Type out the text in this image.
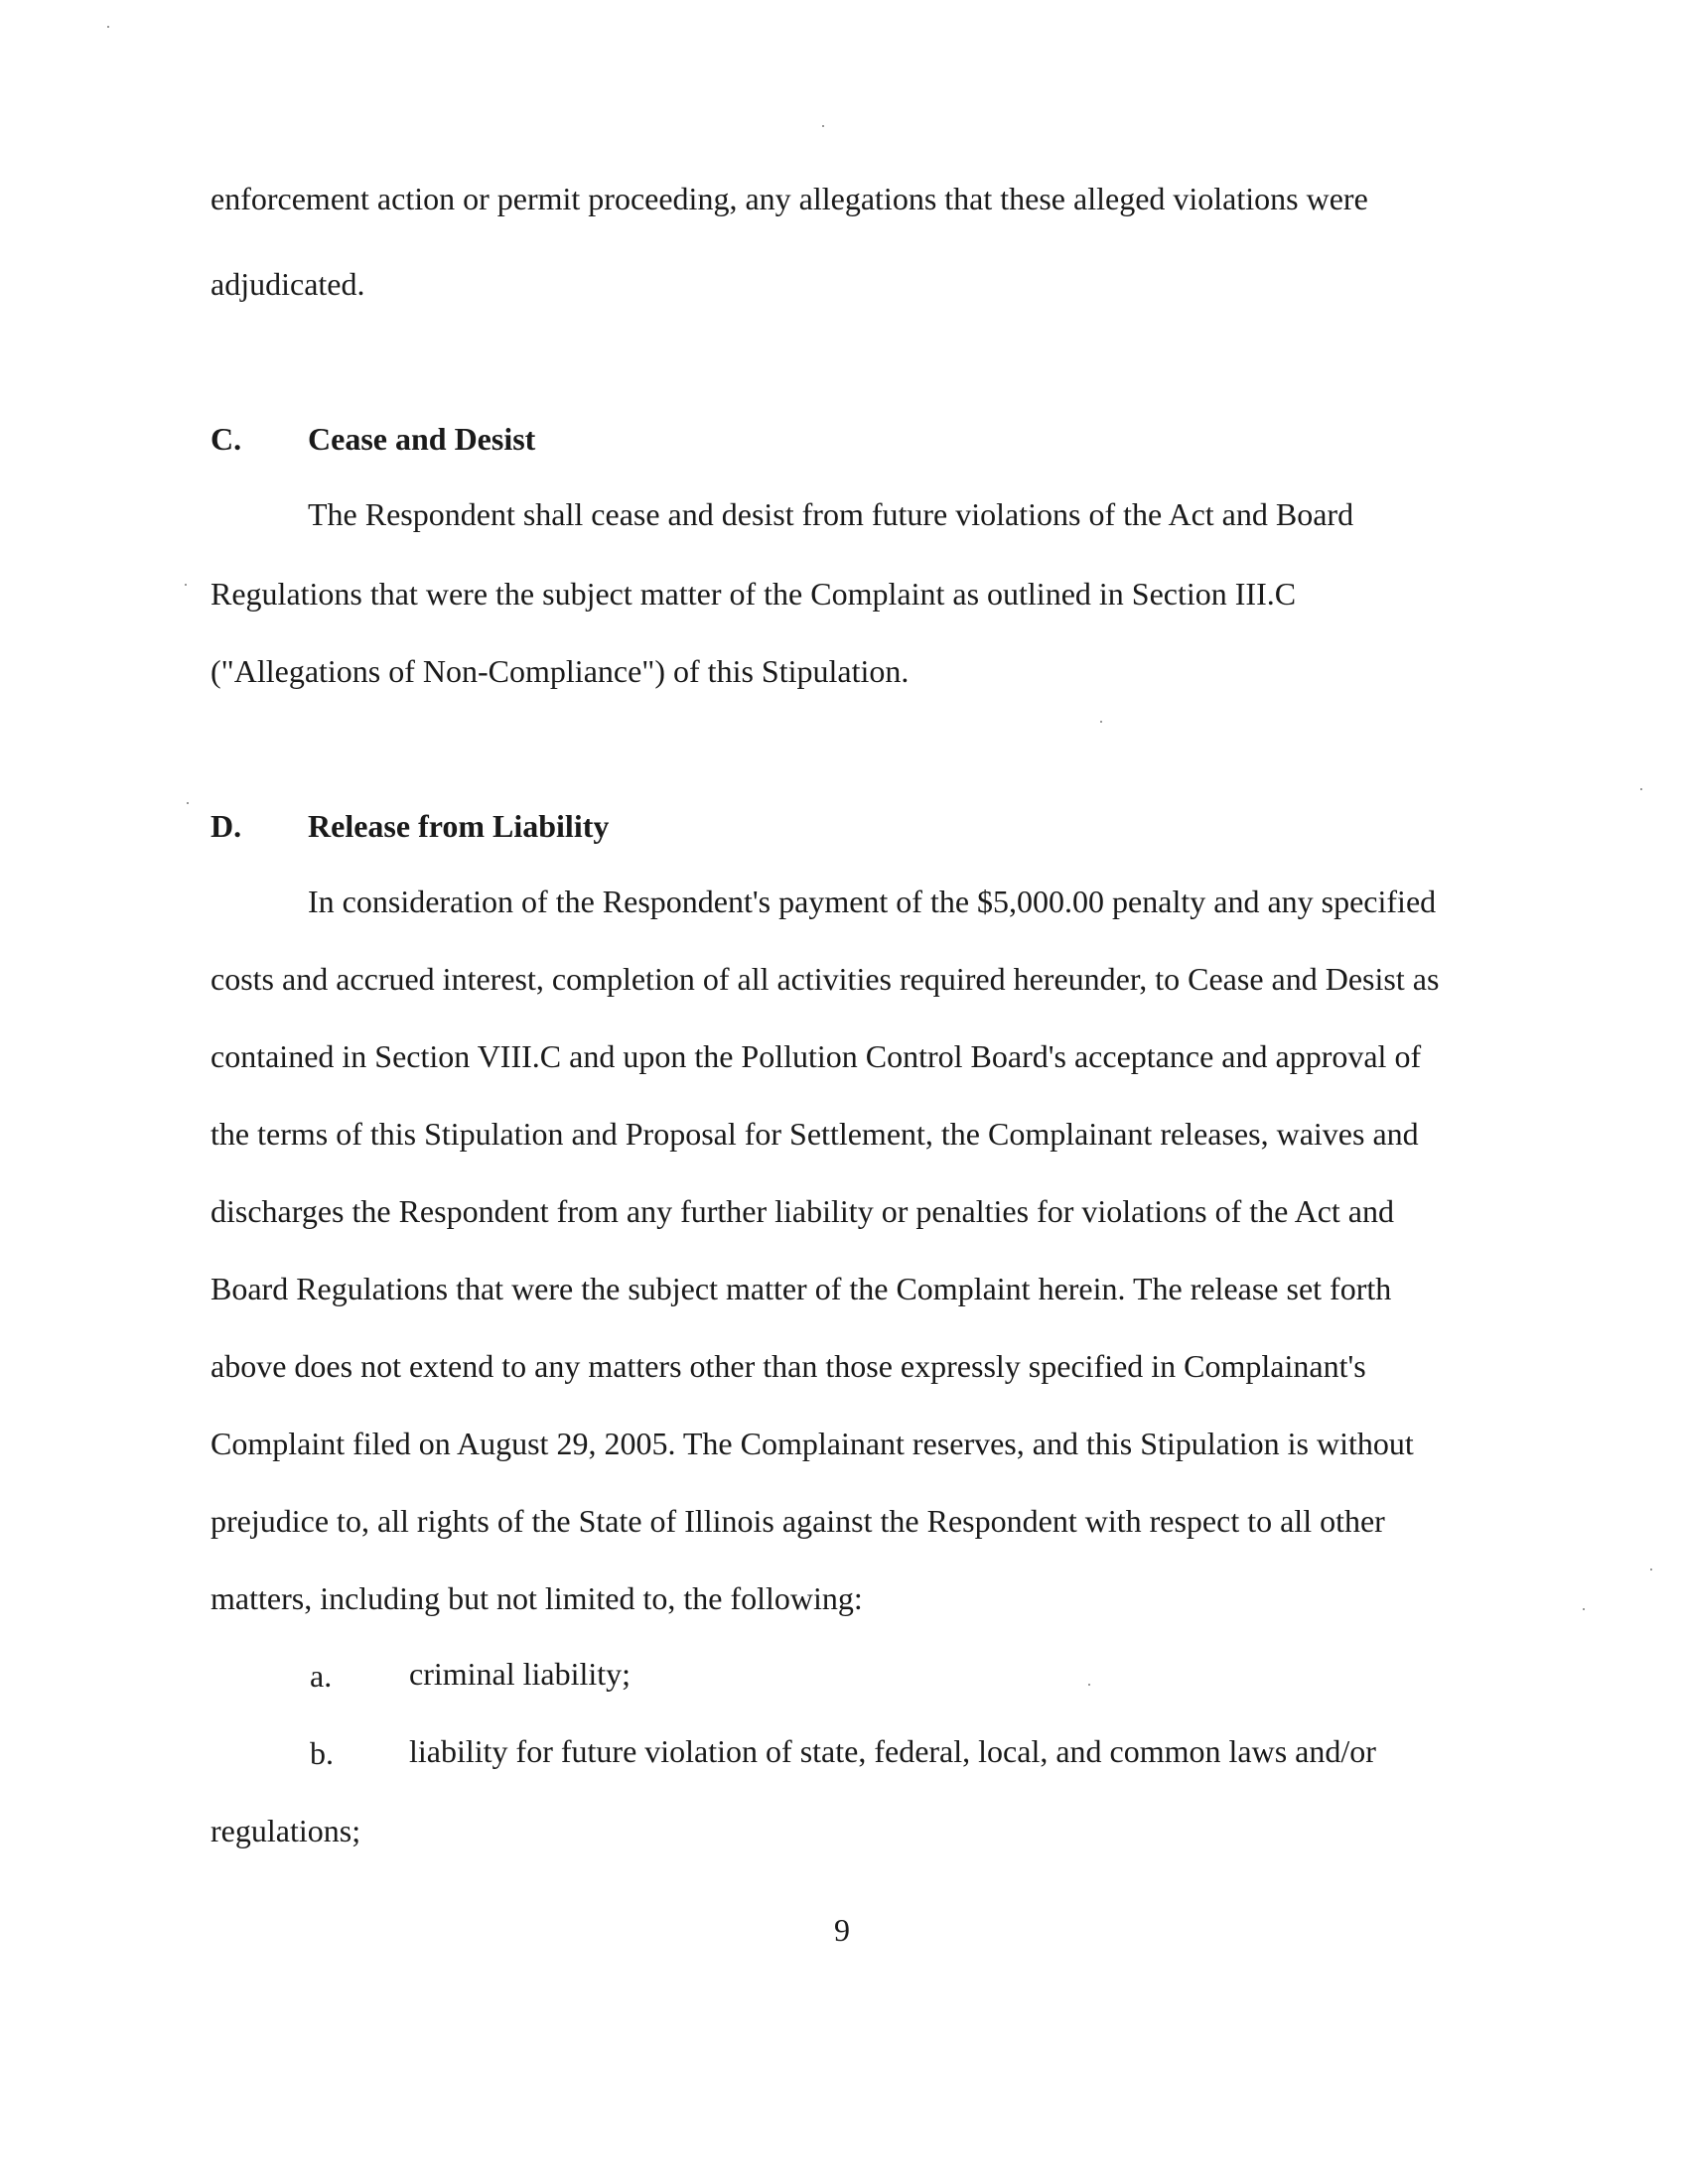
enforcement action or permit proceeding, any allegations that these alleged violations were
adjudicated.
C. Cease and Desist
The Respondent shall cease and desist from future violations of the Act and Board
Regulations that were the subject matter of the Complaint as outlined in Section III.C
("Allegations of Non-Compliance") of this Stipulation.
D. Release from Liability
In consideration of the Respondent's payment of the $5,000.00 penalty and any specified
costs and accrued interest, completion of all activities required hereunder, to Cease and Desist as
contained in Section VIII.C and upon the Pollution Control Board's acceptance and approval of
the terms of this Stipulation and Proposal for Settlement, the Complainant releases, waives and
discharges the Respondent from any further liability or penalties for violations of the Act and
Board Regulations that were the subject matter of the Complaint herein. The release set forth
above does not extend to any matters other than those expressly specified in Complainant's
Complaint filed on August 29, 2005. The Complainant reserves, and this Stipulation is without
prejudice to, all rights of the State of Illinois against the Respondent with respect to all other
matters, including but not limited to, the following:
a. criminal liability;
b. liability for future violation of state, federal, local, and common laws and/or
regulations;
9
